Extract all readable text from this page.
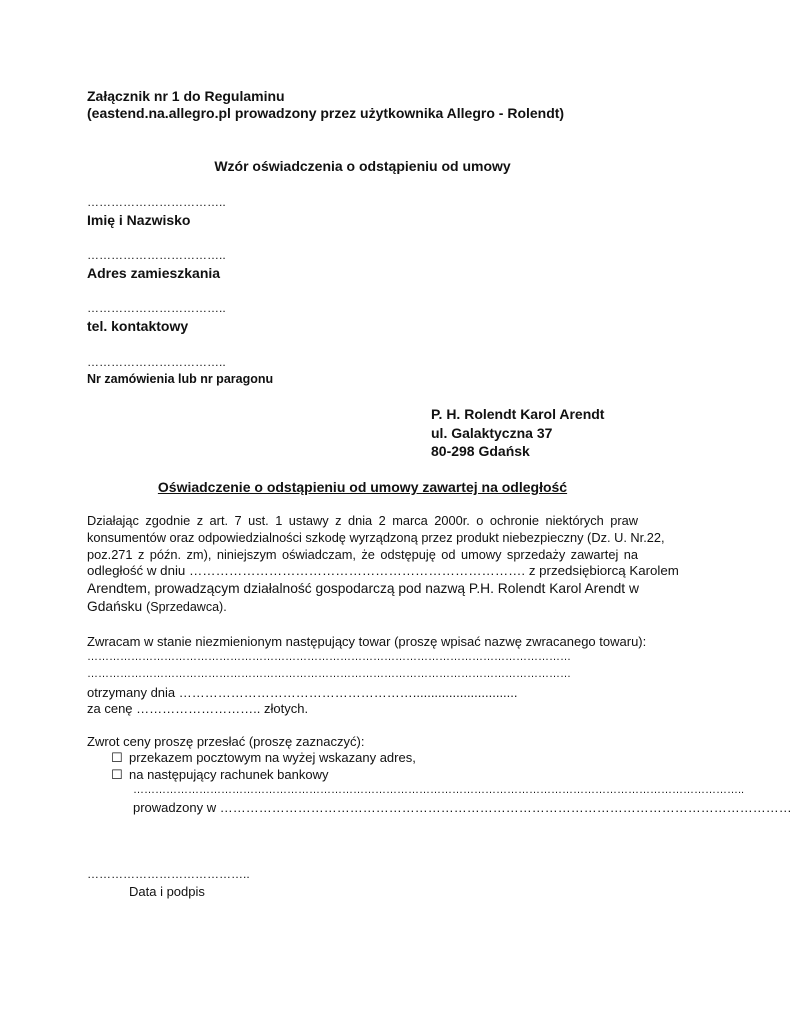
Załącznik nr 1 do Regulaminu
(eastend.na.allegro.pl prowadzony przez użytkownika Allegro - Rolendt)
Wzór oświadczenia o odstąpieniu od umowy
……………………………..
Imię i Nazwisko
……………………………..
Adres zamieszkania
……………………………..
tel. kontaktowy
……………………………..
Nr zamówienia lub nr paragonu
P. H. Rolendt Karol Arendt
ul. Galaktyczna 37
80-298 Gdańsk
Oświadczenie o odstąpieniu od umowy zawartej na odległość
Działając zgodnie z art. 7 ust. 1 ustawy z dnia 2 marca 2000r. o ochronie niektórych praw
konsumentów oraz odpowiedzialności szkodę wyrządzoną przez produkt niebezpieczny (Dz. U. Nr.22,
poz.271 z późn. zm), niniejszym oświadczam, że odstępuję od umowy sprzedaży zawartej na
odległość w dniu …………………………………………………………………. z przedsiębiorcą Karolem
Arendtem, prowadzącym działalność gospodarczą pod nazwą P.H. Rolendt Karol Arendt w
Gdańsku (Sprzedawca).
Zwracam w stanie niezmienionym następujący towar (proszę wpisać nazwę zwracanego towaru):
……………………………………………………………………………………………………………………
……………………………………………………………………………………………………………………
otrzymany dnia ……………………………………………….............................
za cenę ……………………….. złotych.
Zwrot ceny proszę przesłać (proszę zaznaczyć):
☐ przekazem pocztowym na wyżej wskazany adres,
☐ na następujący rachunek bankowy
…………………………………………………………………………………………………………………………………………………..
prowadzony w ……………………………………………………………………………………………………………………
…………………………………..
Data i podpis
